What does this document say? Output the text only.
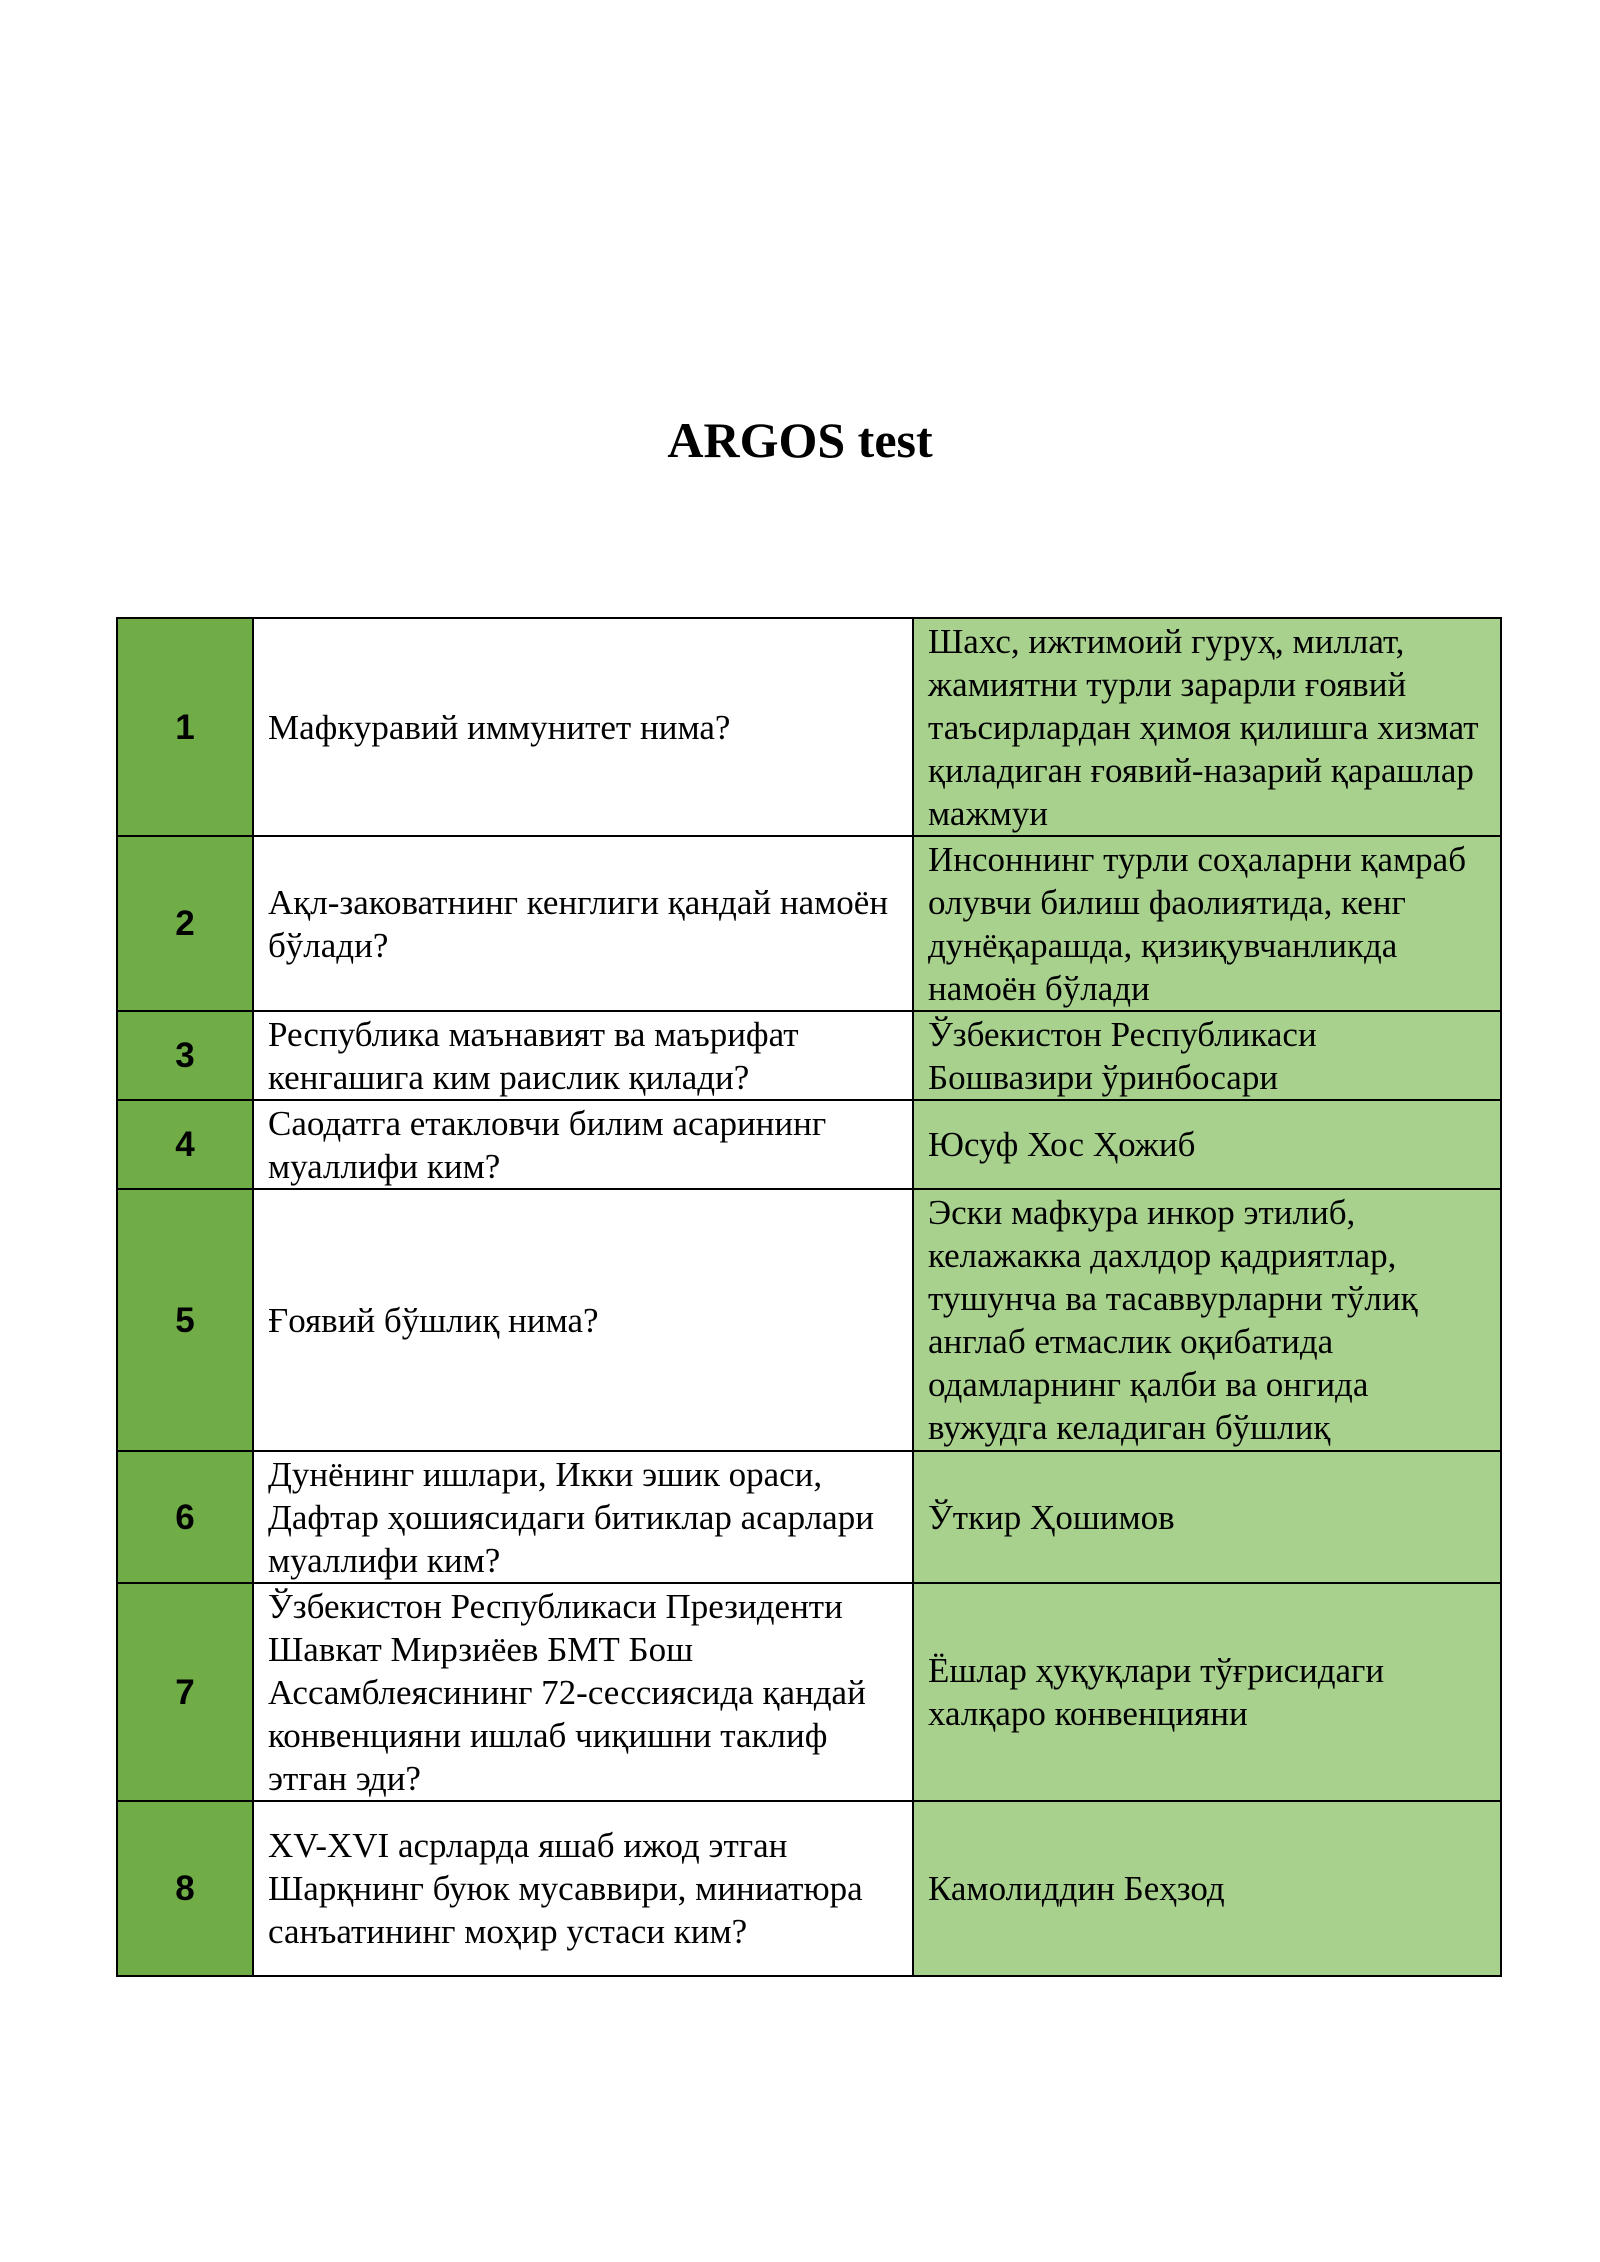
ARGOS test
1	Мафкуравий иммунитет нима?	Шахс, ижтимоий гуруҳ, миллат, жамиятни турли зарарли ғоявий таъсирлардан ҳимоя қилишга хизмат қиладиган ғоявий-назарий қарашлар мажмуи
2	Ақл-заковатнинг кенглиги қандай намоён бўлади?	Инсоннинг турли соҳаларни қамраб олувчи билиш фаолиятида, кенг дунёқарашда, қизиқувчанликда намоён бўлади
3	Республика маънавият ва маърифат кенгашига ким раислик қилади?	Ўзбекистон Республикаси Бошвазири ўринбосари
4	Саодатга етакловчи билим асарининг муаллифи ким?	Юсуф Хос Ҳожиб
5	Ғоявий бўшлиқ нима?	Эски мафкура инкор этилиб, келажакка дахлдор қадриятлар, тушунча ва тасаввурларни тўлиқ англаб етмаслик оқибатида одамларнинг қалби ва онгида вужудга келадиган бўшлиқ
6	Дунёнинг ишлари, Икки эшик ораси, Дафтар ҳошиясидаги битиклар асарлари муаллифи ким?	Ўткир Ҳошимов
7	Ўзбекистон Республикаси Президенти Шавкат Мирзиёев БМТ Бош Ассамблеясининг 72-сессиясида қандай конвенцияни ишлаб чиқишни таклиф этган эди?	Ёшлар ҳуқуқлари тўғрисидаги халқаро конвенцияни
8	XV-XVI асрларда яшаб ижод этган Шарқнинг буюк мусаввири, миниатюра санъатининг моҳир устаси ким?	Камолиддин Беҳзод
